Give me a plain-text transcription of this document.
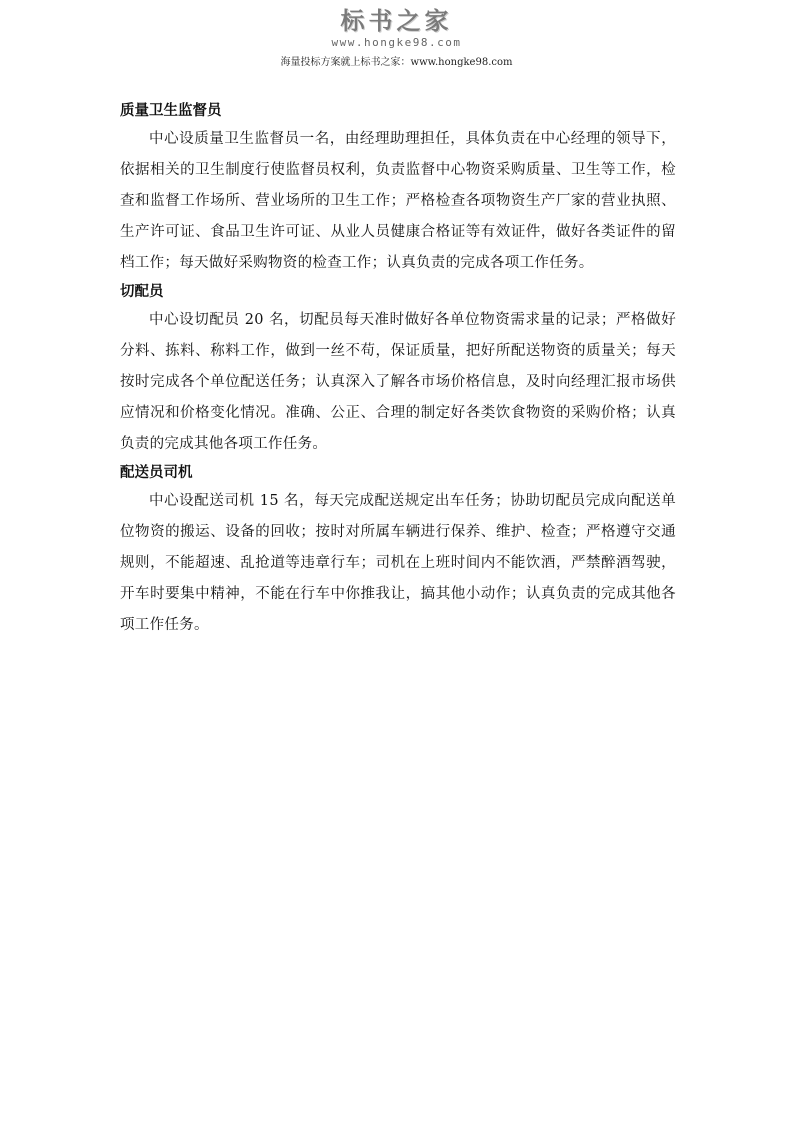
标书之家
www.hongke98.com
海量投标方案就上标书之家：www.hongke98.com

质量卫生监督员

中心设质量卫生监督员一名，由经理助理担任，具体负责在中心经理的领导下，依据相关的卫生制度行使监督员权利，负责监督中心物资采购质量、卫生等工作，检查和监督工作场所、营业场所的卫生工作；严格检查各项物资生产厂家的营业执照、生产许可证、食品卫生许可证、从业人员健康合格证等有效证件，做好各类证件的留档工作；每天做好采购物资的检查工作；认真负责的完成各项工作任务。

切配员

中心设切配员 20 名，切配员每天准时做好各单位物资需求量的记录；严格做好分料、拣料、称料工作，做到一丝不苟，保证质量，把好所配送物资的质量关；每天按时完成各个单位配送任务；认真深入了解各市场价格信息，及时向经理汇报市场供应情况和价格变化情况。准确、公正、合理的制定好各类饮食物资的采购价格；认真负责的完成其他各项工作任务。

配送员司机

中心设配送司机 15 名，每天完成配送规定出车任务；协助切配员完成向配送单位物资的搬运、设备的回收；按时对所属车辆进行保养、维护、检查；严格遵守交通规则，不能超速、乱抢道等违章行车；司机在上班时间内不能饮酒，严禁醉酒驾驶，开车时要集中精神，不能在行车中你推我让，搞其他小动作；认真负责的完成其他各项工作任务。
